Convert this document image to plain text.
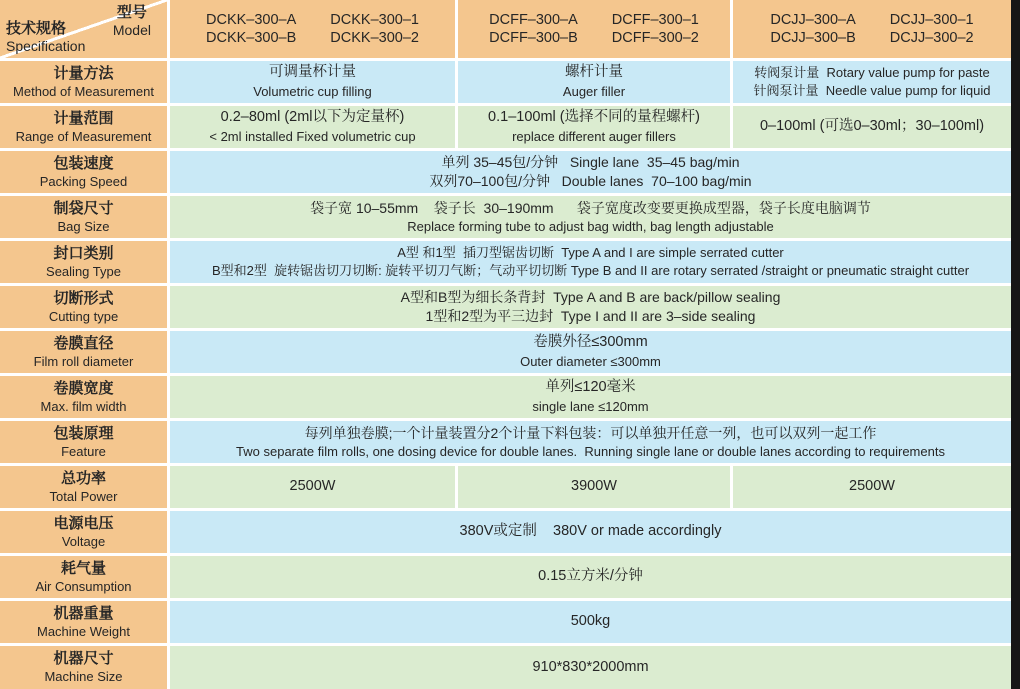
型号
Model
技术规格
Specification
DCKK–300–A DCKK–300–1
DCKK–300–B DCKK–300–2
DCFF–300–A DCFF–300–1
DCFF–300–B DCFF–300–2
DCJJ–300–A DCJJ–300–1
DCJJ–300–B DCJJ–300–2
计量方法
Method of Measurement
可调量杯计量
Volumetric cup filling
螺杆计量
Auger filler
转阀泵计量  Rotary value pump for paste
针阀泵计量  Needle value pump for liquid
计量范围
Range of Measurement
0.2–80ml (2ml以下为定量杯)
< 2ml installed Fixed volumetric cup
0.1–100ml (选择不同的量程螺杆)
replace different auger fillers
0–100ml (可选0–30ml；30–100ml)
包装速度
Packing Speed
单列 35–45包/分钟   Single lane  35–45 bag/min
双列70–100包/分钟   Double lanes  70–100 bag/min
制袋尺寸
Bag Size
袋子宽 10–55mm    袋子长  30–190mm      袋子宽度改变要更换成型器，袋子长度电脑调节
Replace forming tube to adjust bag width, bag length adjustable
封口类别
Sealing Type
A型 和1型  插刀型锯齿切断  Type A and I are simple serrated cutter
B型和2型  旋转锯齿切刀切断: 旋转平切刀气断；气动平切切断 Type B and II are rotary serrated /straight or pneumatic straight cutter
切断形式
Cutting type
A型和B型为细长条背封  Type A and B are back/pillow sealing
1型和2型为平三边封  Type I and II are 3–side sealing
卷膜直径
Film roll diameter
卷膜外径≤300mm
Outer diameter ≤300mm
卷膜宽度
Max. film width
单列≤120毫米
single lane ≤120mm
包装原理
Feature
每列单独卷膜;一个计量装置分2个计量下料包装：可以单独开任意一列，也可以双列一起工作
Two separate film rolls, one dosing device for double lanes.  Running single lane or double lanes according to requirements
总功率
Total Power
2500W	3900W	2500W
电源电压
Voltage
380V或定制    380V or made accordingly
耗气量
Air Consumption
0.15立方米/分钟
机器重量
Machine Weight
500kg
机器尺寸
Machine Size
910*830*2000mm
